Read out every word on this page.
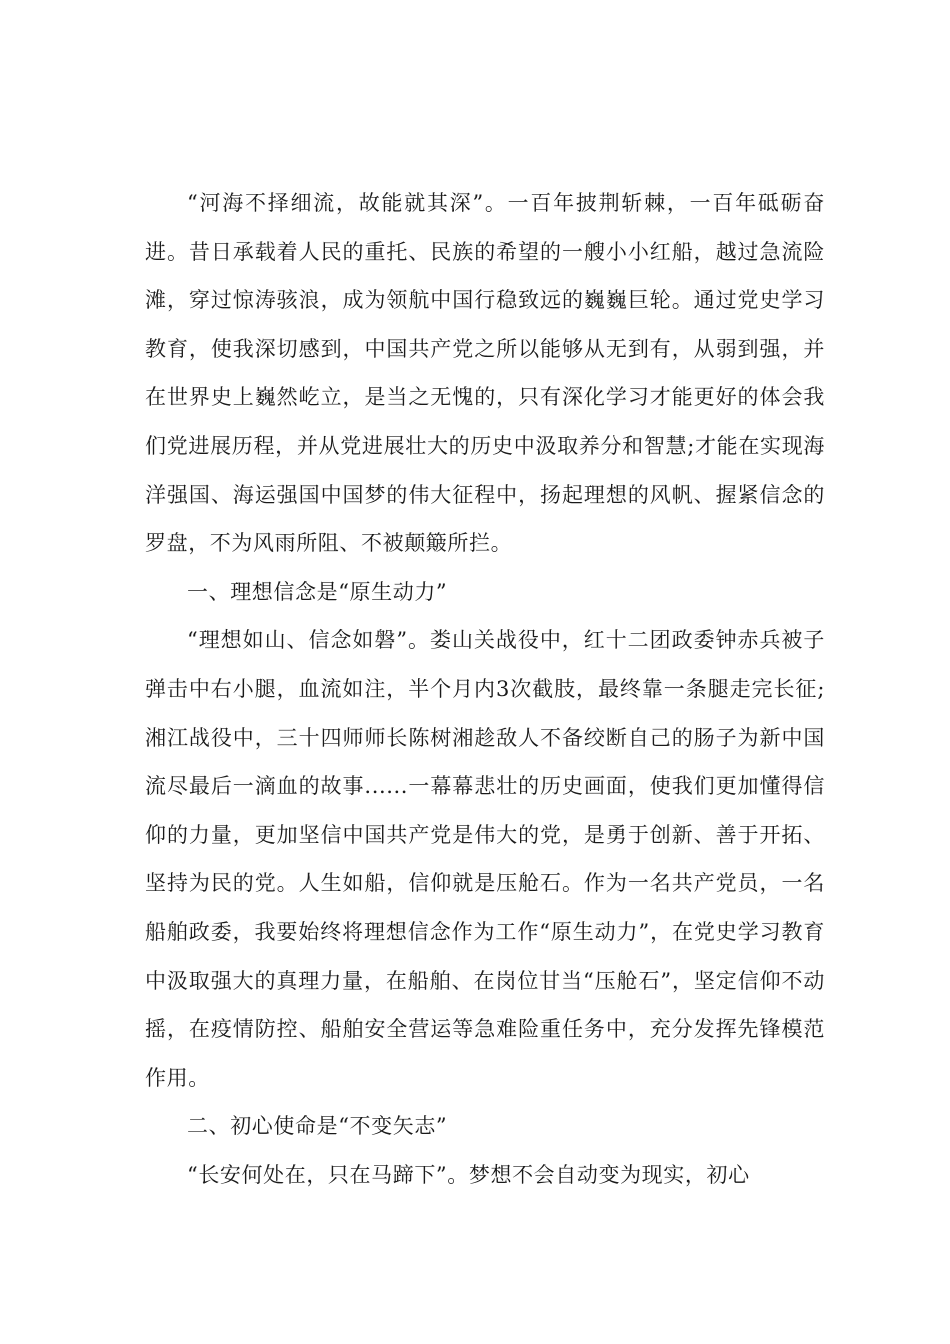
“河海不择细流，故能就其深”。一百年披荆斩棘，一百年砥砺奋进。昔日承载着人民的重托、民族的希望的一艘小小红船，越过急流险滩，穿过惊涛骇浪，成为领航中国行稳致远的巍巍巨轮。通过党史学习教育，使我深切感到，中国共产党之所以能够从无到有，从弱到强，并在世界史上巍然屹立，是当之无愧的，只有深化学习才能更好的体会我们党进展历程，并从党进展壮大的历史中汲取养分和智慧;才能在实现海洋强国、海运强国中国梦的伟大征程中，扬起理想的风帆、握紧信念的罗盘，不为风雨所阻、不被颠簸所拦。

一、理想信念是“原生动力”

“理想如山、信念如磐”。娄山关战役中，红十二团政委钟赤兵被子弹击中右小腿，血流如注，半个月内3次截肢，最终靠一条腿走完长征;湘江战役中，三十四师师长陈树湘趁敌人不备绞断自己的肠子为新中国流尽最后一滴血的故事......一幕幕悲壮的历史画面，使我们更加懂得信仰的力量，更加坚信中国共产党是伟大的党，是勇于创新、善于开拓、坚持为民的党。人生如船，信仰就是压舱石。作为一名共产党员，一名船舶政委，我要始终将理想信念作为工作“原生动力”，在党史学习教育中汲取强大的真理力量，在船舶、在岗位甘当“压舱石”，坚定信仰不动摇，在疫情防控、船舶安全营运等急难险重任务中，充分发挥先锋模范作用。

二、初心使命是“不变矢志”

“长安何处在，只在马蹄下”。梦想不会自动变为现实，初心
